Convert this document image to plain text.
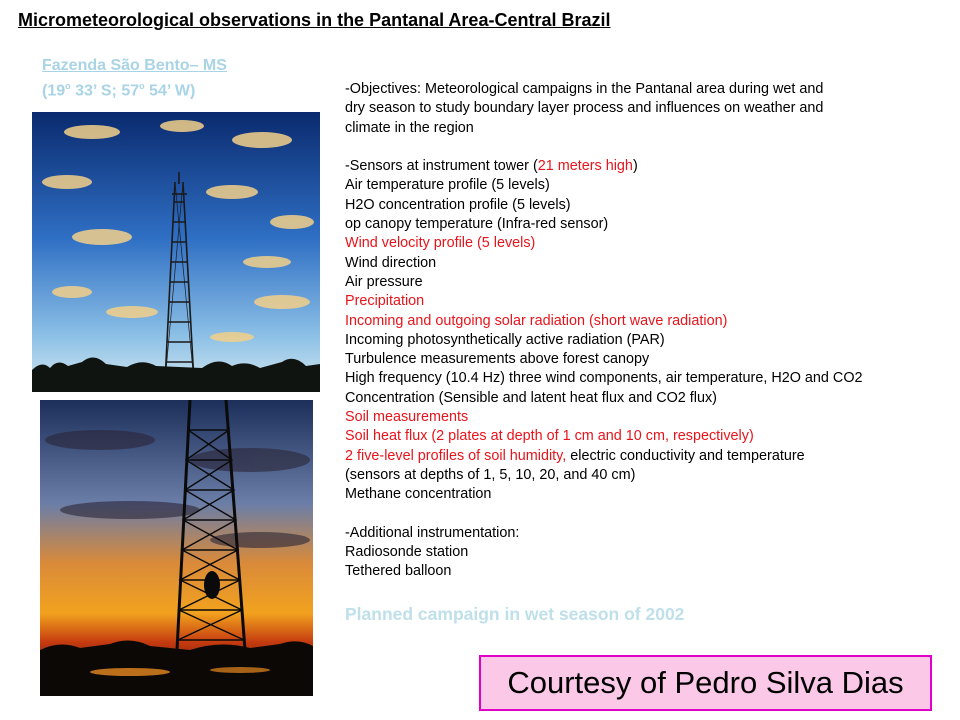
Micrometeorological observations in the Pantanal Area-Central Brazil
Fazenda São Bento– MS
(19$^o$ 33’ S; 57$^o$ 54’ W)	-Objectives: Meteorological campaigns in the Pantanal area during wet and
dry season to study boundary layer process and influences on weather and
climate in the region
-Sensors at instrument tower (21 meters high)
Air temperature profile (5 levels)
H2O concentration profile (5 levels)
op canopy temperature (Infra-red sensor)
Wind velocity profile (5 levels)
Wind direction
Air pressure
Precipitation
Incoming and outgoing solar radiation (short wave radiation)
Incoming photosynthetically active radiation (PAR)
Turbulence measurements above forest canopy
High frequency (10.4 Hz) three wind components, air temperature, H2O and CO2
Concentration (Sensible and latent heat flux and CO2 flux)
Soil measurements
Soil heat flux (2 plates at depth of 1 cm and 10 cm, respectively)
2 five-level profiles of soil humidity, electric conductivity and temperature
(sensors at depths of 1, 5, 10, 20, and 40 cm)
Methane concentration
-Additional instrumentation:
Radiosonde station
Tethered balloon
Planned campaign in wet season of 2002
Courtesy of Pedro Silva Dias
